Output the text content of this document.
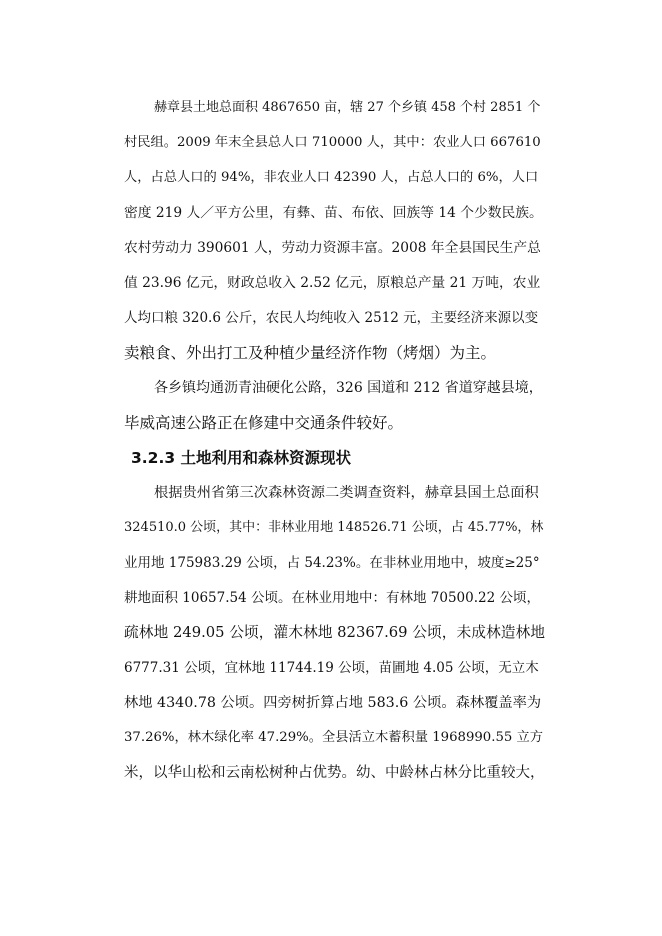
赫章县土地总面积 4867650 亩，辖 27 个乡镇 458 个村 2851 个
村民组。2009 年末全县总人口 710000 人，其中：农业人口 667610
人，占总人口的 94%，非农业人口 42390 人，占总人口的 6%，人口
密度 219 人／平方公里，有彝、苗、布依、回族等 14 个少数民族。
农村劳动力 390601 人，劳动力资源丰富。2008 年全县国民生产总
值 23.96 亿元，财政总收入 2.52 亿元，原粮总产量 21 万吨，农业
人均口粮 320.6 公斤，农民人均纯收入 2512 元，主要经济来源以变
卖粮食、外出打工及种植少量经济作物（烤烟）为主。
各乡镇均通沥青油硬化公路，326 国道和 212 省道穿越县境，
毕威高速公路正在修建中交通条件较好。
3.2.3 土地利用和森林资源现状
根据贵州省第三次森林资源二类调查资料，赫章县国土总面积
324510.0 公顷，其中：非林业用地 148526.71 公顷，占 45.77%，林
业用地 175983.29 公顷，占 54.23%。在非林业用地中，坡度≥25°
耕地面积 10657.54 公顷。在林业用地中：有林地 70500.22 公顷，
疏林地 249.05 公顷，灌木林地 82367.69 公顷，未成林造林地
6777.31 公顷，宜林地 11744.19 公顷，苗圃地 4.05 公顷，无立木
林地 4340.78 公顷。四旁树折算占地 583.6 公顷。森林覆盖率为
37.26%，林木绿化率 47.29%。全县活立木蓄积量 1968990.55 立方
米，以华山松和云南松树种占优势。幼、中龄林占林分比重较大，
